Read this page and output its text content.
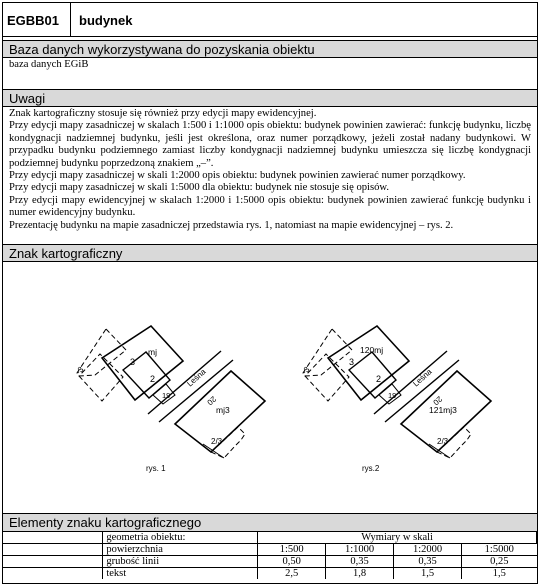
EGBB01	budynek
Baza danych wykorzystywana do pozyskania obiektu
baza danych EGiB
Uwagi

Znak kartograficzny stosuje się również przy edycji mapy ewidencyjnej.

Przy edycji mapy zasadniczej w skalach 1:500 i 1:1000 opis obiektu: budynek powinien zawierać: funkcję budynku, liczbę kondygnacji nadziemnej budynku, jeśli jest określona, oraz numer porządkowy, jeżeli został nadany budynkowi. W przypadku budynku podziemnego zamiast liczby kondygnacji nadziemnej budynku umieszcza się liczbę kondygnacji podziemnej budynku poprzedzoną znakiem „–”.

Przy edycji mapy zasadniczej w skali 1:2000 opis obiektu: budynek powinien zawierać numer porządkowy.

Przy edycji mapy zasadniczej w skali 1:5000 dla obiektu: budynek nie stosuje się opisów.

Przy edycji mapy ewidencyjnej w skalach 1:2000 i 1:5000 opis obiektu: budynek powinien zawierać funkcję budynku i numer ewidencyjny budynku.

Prezentację budynku na mapie zasadniczej przedstawia rys. 1, natomiast na mapie ewidencyjnej – rys. 2.

Znak kartograficzny
-3
3
mj
2
19
Leśna
20
mj3
2/3
rys. 1
-3
3
120mj
2
19
Leśna
20
121mj3
2/3
rys.2
Elementy znaku kartograficznego
	geometria obiektu:	Wymiary w skali			
	powierzchnia	1:500	1:1000	1:2000	1:5000
	grubość linii	0,50	0,35	0,35	0,25
	tekst	2,5	1,8	1,5	1,5
